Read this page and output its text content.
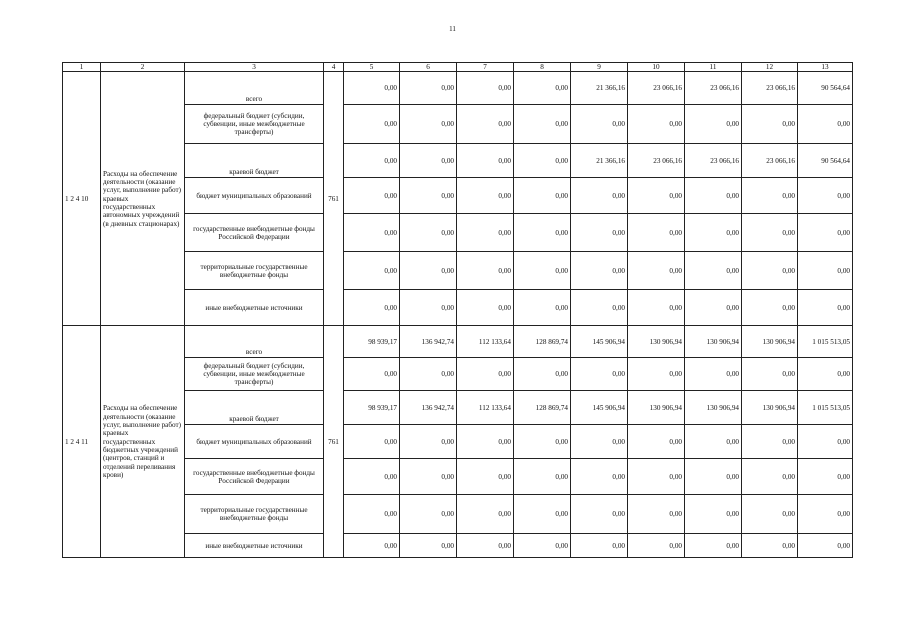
11
1	2	3	4	5	6	7	8	9	10	11	12	13
1 2 4 10	Расходы на обеспечение деятельности (оказание услуг, выполнение работ) краевых государственных автономных учреждений (в дневных стационарах)	всего	761	0,00	0,00	0,00	0,00	21 366,16	23 066,16	23 066,16	23 066,16	90 564,64
		федеральный бюджет (субсидии, субвенции, иные межбюджетные трансферты)		0,00	0,00	0,00	0,00	0,00	0,00	0,00	0,00	0,00
		краевой бюджет		0,00	0,00	0,00	0,00	21 366,16	23 066,16	23 066,16	23 066,16	90 564,64
		бюджет муниципальных образований		0,00	0,00	0,00	0,00	0,00	0,00	0,00	0,00	0,00
		государственные внебюджетные фонды Российской Федерации		0,00	0,00	0,00	0,00	0,00	0,00	0,00	0,00	0,00
		территориальные государственные внебюджетные фонды		0,00	0,00	0,00	0,00	0,00	0,00	0,00	0,00	0,00
		иные внебюджетные источники		0,00	0,00	0,00	0,00	0,00	0,00	0,00	0,00	0,00
1 2 4 11	Расходы на обеспечение деятельности (оказание услуг, выполнение работ) краевых государственных бюджетных учреждений (центров, станций и отделений переливания крови)	всего	761	98 939,17	136 942,74	112 133,64	128 869,74	145 906,94	130 906,94	130 906,94	130 906,94	1 015 513,05
		федеральный бюджет (субсидии, субвенции, иные межбюджетные трансферты)		0,00	0,00	0,00	0,00	0,00	0,00	0,00	0,00	0,00
		краевой бюджет		98 939,17	136 942,74	112 133,64	128 869,74	145 906,94	130 906,94	130 906,94	130 906,94	1 015 513,05
		бюджет муниципальных образований		0,00	0,00	0,00	0,00	0,00	0,00	0,00	0,00	0,00
		государственные внебюджетные фонды Российской Федерации		0,00	0,00	0,00	0,00	0,00	0,00	0,00	0,00	0,00
		территориальные государственные внебюджетные фонды		0,00	0,00	0,00	0,00	0,00	0,00	0,00	0,00	0,00
		иные внебюджетные источники		0,00	0,00	0,00	0,00	0,00	0,00	0,00	0,00	0,00
